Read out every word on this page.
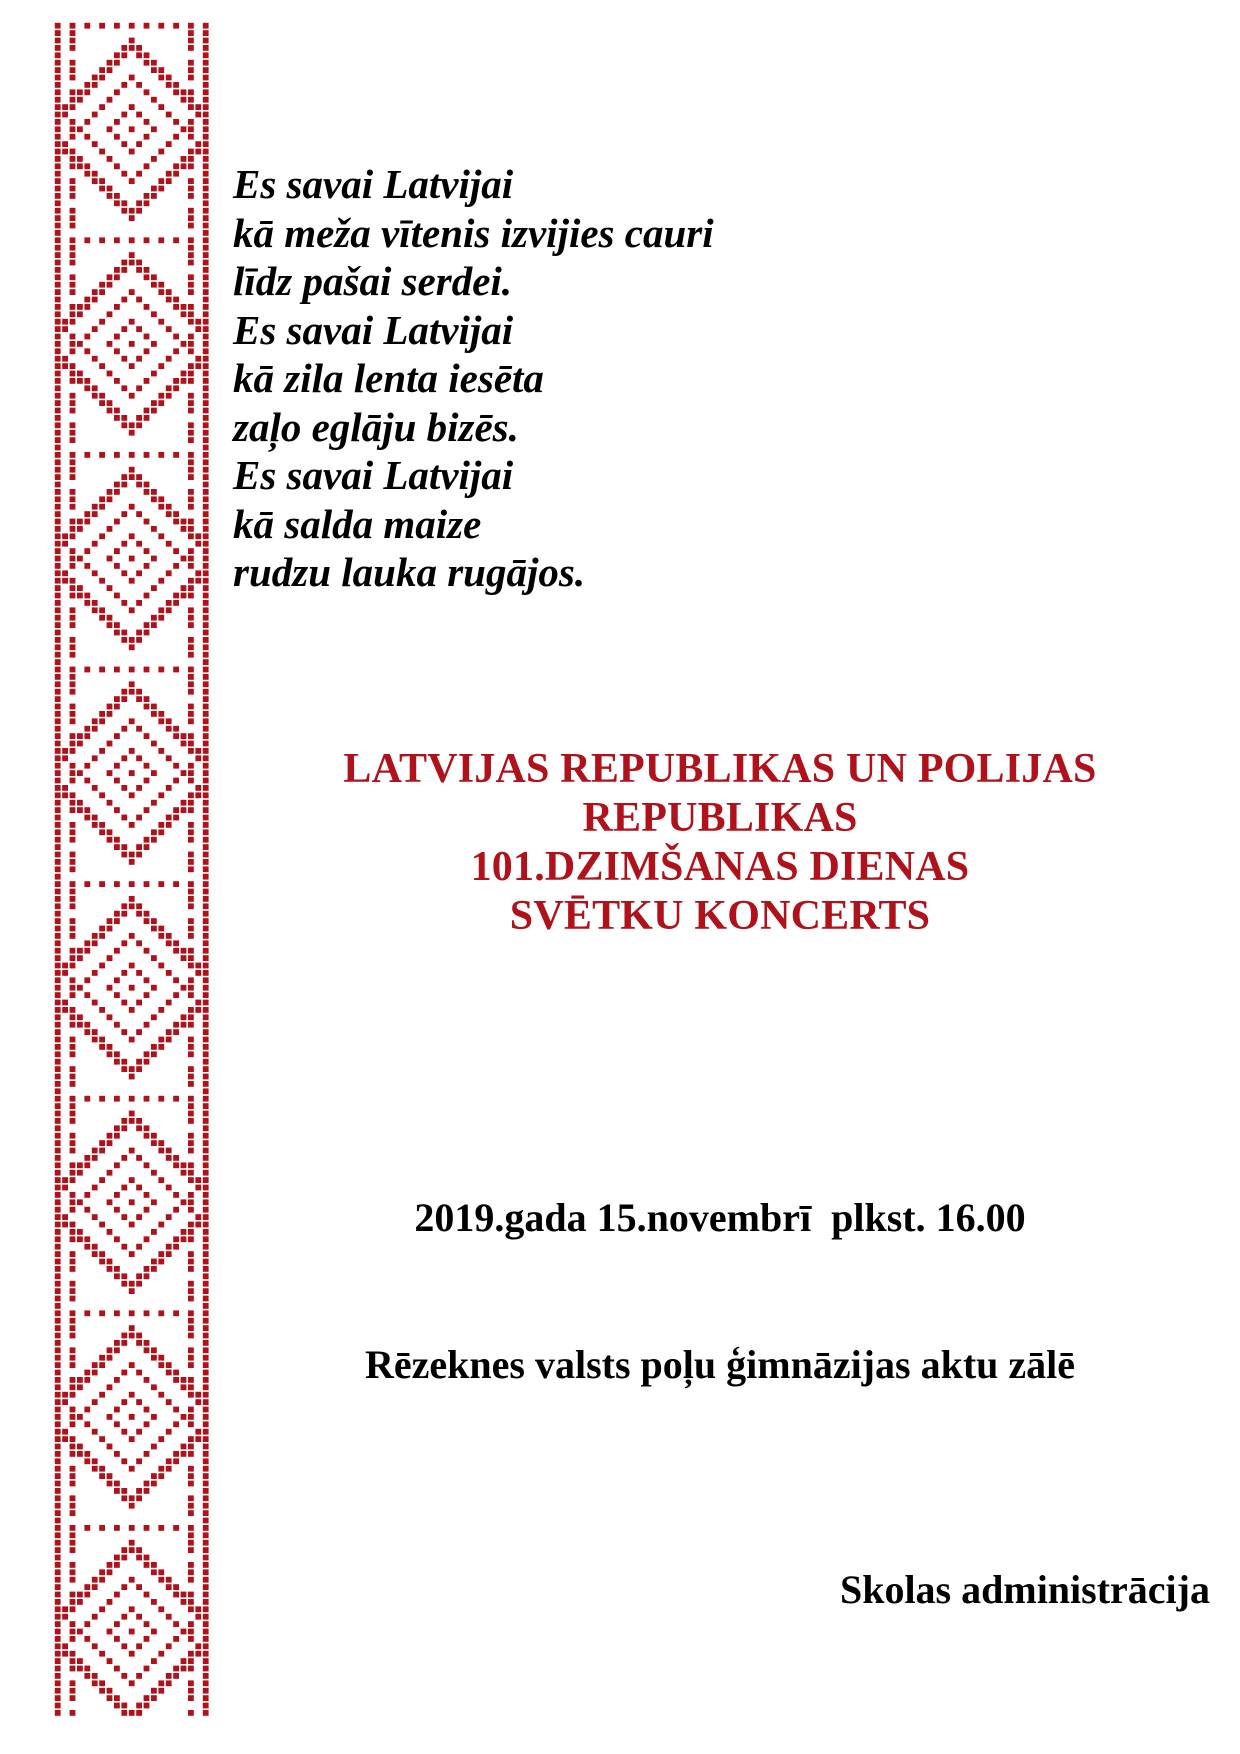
Es savai Latvijai
kā meža vītenis izvijies cauri
līdz pašai serdei.
Es savai Latvijai
kā zila lenta iesēta
zaļo eglāju bizēs.
Es savai Latvijai
kā salda maize
rudzu lauka rugājos.
LATVIJAS REPUBLIKAS UN POLIJAS
REPUBLIKAS
101.DZIMŠANAS DIENAS
SVĒTKU KONCERTS

2019.gada 15.novembrī  plkst. 16.00

Rēzeknes valsts poļu ģimnāzijas aktu zālē

Skolas administrācija
